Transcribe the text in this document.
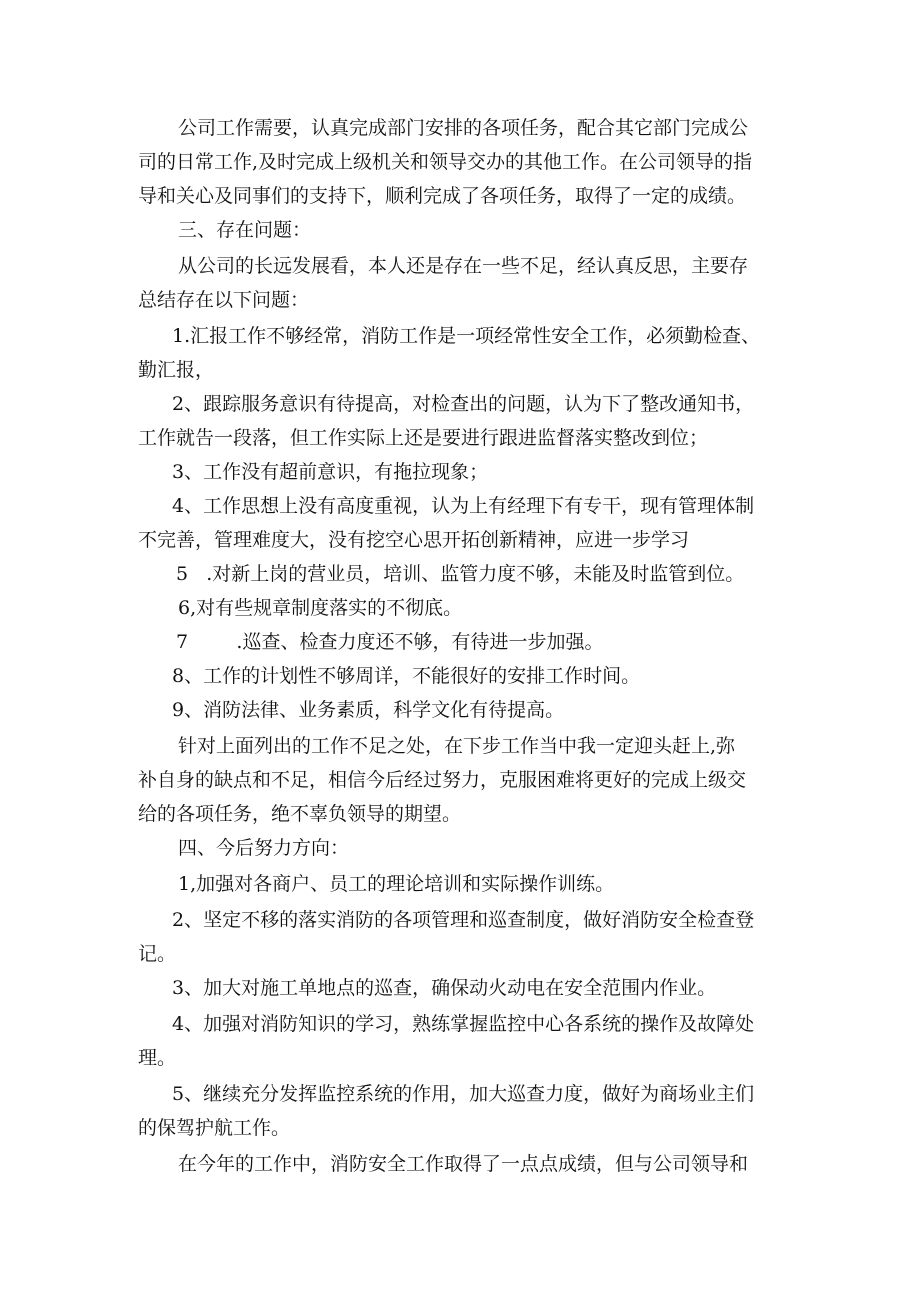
公司工作需要，认真完成部门安排的各项任务，配合其它部门完成公
司的日常工作,及时完成上级机关和领导交办的其他工作。在公司领导的指
导和关心及同事们的支持下，顺利完成了各项任务，取得了一定的成绩。
三、存在问题：
从公司的长远发展看，本人还是存在一些不足，经认真反思，主要存
总结存在以下问题：
1.汇报工作不够经常，消防工作是一项经常性安全工作，必须勤检查、
勤汇报，
2、跟踪服务意识有待提高，对检查出的问题，认为下了整改通知书，
工作就告一段落，但工作实际上还是要进行跟进监督落实整改到位；
3、工作没有超前意识，有拖拉现象；
4、工作思想上没有高度重视，认为上有经理下有专干，现有管理体制
不完善，管理难度大，没有挖空心思开拓创新精神，应进一步学习
5   .对新上岗的营业员，培训、监管力度不够，未能及时监管到位。
6,对有些规章制度落实的不彻底。
7        .巡查、检查力度还不够，有待进一步加强。
8、工作的计划性不够周详，不能很好的安排工作时间。
9、消防法律、业务素质，科学文化有待提高。
针对上面列出的工作不足之处，在下步工作当中我一定迎头赶上,弥
补自身的缺点和不足，相信今后经过努力，克服困难将更好的完成上级交
给的各项任务，绝不辜负领导的期望。
四、今后努力方向：
1,加强对各商户、员工的理论培训和实际操作训练。
2、坚定不移的落实消防的各项管理和巡查制度，做好消防安全检查登
记。
3、加大对施工单地点的巡查，确保动火动电在安全范围内作业。
4、加强对消防知识的学习，熟练掌握监控中心各系统的操作及故障处
理。
5、继续充分发挥监控系统的作用，加大巡查力度，做好为商场业主们
的保驾护航工作。
在今年的工作中，消防安全工作取得了一点点成绩，但与公司领导和
